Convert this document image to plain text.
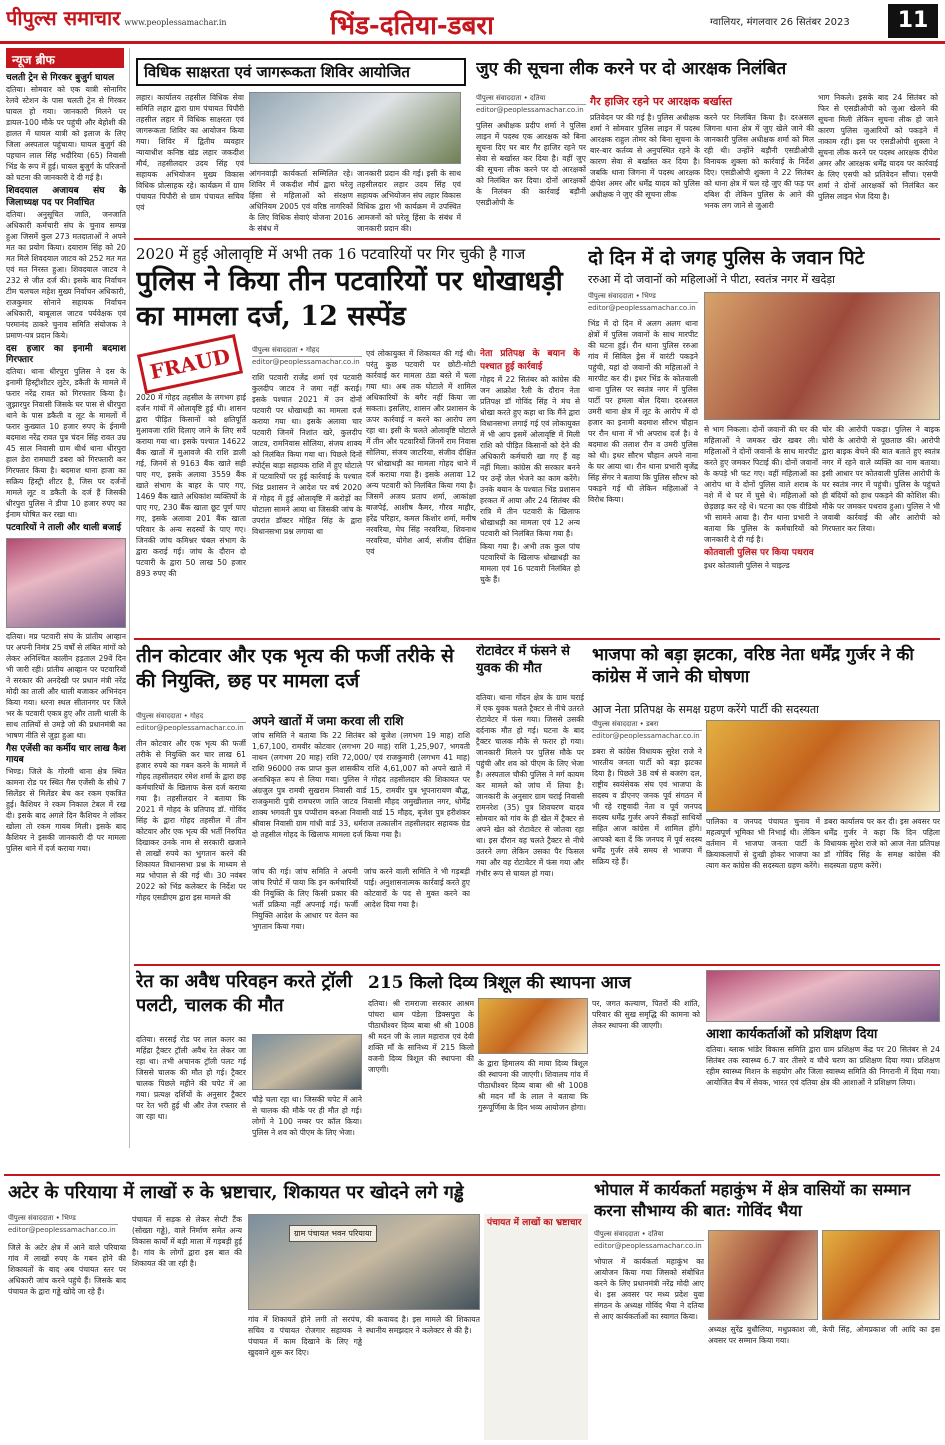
पीपुल्स समाचार www.peoplessamachar.in	भिंड-दतिया-डबरा	ग्वालियर, मंगलवार 26 सितंबर 2023	11
न्यूज ब्रीफ
चलती ट्रेन से गिरकर बुजुर्ग घायल

दतिया। सोमवार को एक यात्री सोनागिर रेलवे स्टेशन के पास चलती ट्रेन से गिरकर घायल हो गया। जानकारी मिलने पर डायल-100 मौके पर पहुंची और बेहोशी की हालत में घायल यात्री को इलाज के लिए जिला अस्पताल पहुंचाया। घायल बुजुर्ग की पहचान लाल सिंह भदौरिया (65) निवासी भिंड के रूप में हुई। घायल बुजुर्ग के परिजनों को घटना की जानकारी दे दी गई है।

शिवदयाल अजायब संघ के जिलाध्यक्ष पद पर निर्वाचित

दतिया। अनुसूचित जाति, जनजाति अधिकारी कर्मचारी संघ के चुनाव सम्पन्न हुआ जिसमें कुल 273 मतदाताओं ने अपने मत का प्रयोग किया। दयाराम सिंह को 20 मत मिले शिवदयाल जाटव को 252 मत मत एवं मत निरस्त हुआ। शिवदयाल जाटव ने 232 से जीत दर्ज की। इसके बाद निर्वाचन टीम चलचल महेश मुख्य निर्वाचन अधिकारी, राजकुमार सोनाने सहायक निर्वाचन अधिकारी, बाबूलाल जाटव पर्यवेक्षक एवं परमानंद ठाकरे चुनाव समिति संयोजक ने प्रमाण-पत्र प्रदान किये।

दस हजार का इनामी बदमाश गिरफ्तार

दतिया। थाना धीरपुरा पुलिस ने दस के इनामी हिस्ट्रीशीटर लुटेर, डकैती के मामले में फरार नरेंद्र रावत को गिरफ्तार किया है। जुझारपुर निवासी जिसके घर पास से धीरपुरा थाने के पास डकैती व लूट के मामलों में फरार कुख्यात 10 हजार रुपए के ईनामी बदमाश नरेंद्र रावत पुत्र चंदन सिंह रावत उम्र 45 साल निवासी ग्राम थीर्थ थाना धीरपुरा हाल डेरा रामघाटी डबरा को गिरफ्तारी कर गिरफ्तार किया है। बदमाश थाना हाजा का सक्रिय हिस्ट्री शीटर है, जिस पर दर्जनों मामले लूट व डकैती के दर्ज हैं जिसकी धीरपुरा पुलिस ने डीपा 10 हजार रुपए का ईनाम घोषित कर रखा था।

पटवारियों ने ताली और थाली बजाई

दतिया। मप्र पटवारी संघ के प्रांतीय आव्हान पर अपनी निमंत्र 25 वर्षों से लंबित मांगों को लेकर अनिश्चित कालीन हड़ताल 29वें दिन भी जारी रही। प्रांतीय आव्हान पर पटवारियों ने सरकार की अनदेखी पर प्रधान मंत्री नरेंद्र मोदी का ताली और थाली बजाकर अभिनंदन किया गया। धरना स्थल सीतानगर पर जिले भर के पटवारी एकत्र हुए और ताली थाली के साथ तालियों से उमड़े जो की प्रधानमंत्री का भाषण नीति से जुड़ा हुआ था।

गैस एजेंसी का कर्मीय चार लाख कैश गायब

भिण्ड। जिले के गोरमी थाना क्षेत्र स्थित कामना रोड पर स्थित गैस एजेंसी के सीधे 7 सिलेंडर से मिलेंडर बेच कर रकम एकत्रित हुई। कैशियर ने रकम निकाल टेबल में रख दी। इसके बाद अगले दिन कैशियर ने लॉकर खोला तो रकम गायब मिली। इसके बाद कैशियर ने इसकी जानकारी दी पर मामला पुलिस थाने में दर्ज कराया गया।

विधिक साक्षरता एवं जागरूकता शिविर आयोजित
लहार। कार्यालय तहसील विधिक सेवा समिति लहार द्वारा ग्राम पंचायत पिपौरी तहसील लहार में विधिक साक्षरता एवं जागरूकता शिविर का आयोजन किया गया। शिविर में द्वितीय व्यवहार न्यायाधीश कनिष्ठ खंड लहार जकदीश मौर्य, तहसीलदार उदय सिंह एवं सहायक अभियोजन मुख्य विकास विधिक प्रोत्साहक रहे। कार्यक्रम में ग्राम पंचायत पिपौरी से ग्राम पंचायत सचिव एवं
आंगनवाड़ी कार्यकर्ता सम्मिलित रहे। शिविर में जकदीश मौर्य द्वारा घरेलू हिंसा से महिलाओं को संरक्षण अधिनियम 2005 एवं वरिष्ठ नागरिकों के लिए विधिक सेवाएं योजना 2016 के संबंध में
जानकारी प्रदान की गई। इसी के साथ तहसीलदार लहार उदय सिंह एवं सहायक अभियोजन संघ लहार विकास विधिक द्वारा भी कार्यक्रम में उपस्थित आमजनों को घरेलू हिंसा के संबंध में जानकारी प्रदान की।
जुए की सूचना लीक करने पर दो आरक्षक निलंबित
पीपुल्स संवाददाता • दतिया
editor@peoplessamachar.co.in
पुलिस अधीक्षक प्रदीप शर्मा ने पुलिस लाइन में पदस्थ एक आरक्षक को बिना सूचना दिए घर बार गैर हाजिर रहने पर सेवा से बर्खास्त कर दिया है। वहीं जुए की सूचना लीक करने पर दो आरक्षकों को निलंबित कर दिया। दोनों आरक्षकों के निलंबन की कार्रवाई बड़ौनी एसडीओपी के
गैर हाजिर रहने पर आरक्षक बर्खास्त
प्रतिवेदन पर की गई है। पुलिस अधीक्षक शर्मा ने सोमवार पुलिस लाइन में पदस्थ आरक्षक राहुल तोमर को बिना सूचना के बार-बार कर्तव्य से अनुपस्थित रहने के कारण सेवा से बर्खास्त कर दिया है। जबकि थाना जिगना में पदस्थ आरक्षक दीपेश अमर और धर्मेंद्र यादव को पुलिस अधीक्षक ने जुए की सूचना लीक
करने पर निलंबित किया है। दरअसल जिगना थाना क्षेत्र में जुए खेले जाने की जानकारी पुलिस अधीक्षक शर्मा को मिल रही थी। उन्होंने बड़ौनी एसडीओपी विनायक शुक्ला को कार्रवाई के निर्देश दिए। एसडीओपी शुक्ला ने 22 सितंबर को थाना क्षेत्र में चल रहे जुए की फड़ पर दबिश दी लेकिन पुलिस के आने की भनक लग जाने से जुआरी
भाग निकले। इसके बाद 24 सितंबर को फिर से एसडीओपी को जुआ खेलने की सूचना मिली लेकिन सूचना लीक हो जाने कारण पुलिस जुआरियों को पकड़ने में नाकाम रही। इस पर एसडीओपी शुक्ला ने सूचना लीक करने पर पदस्थ आरक्षक दीपेश अमर और आरक्षक धर्मेंद्र यादव पर कार्रवाई के लिए एसपी को प्रतिवेदन सौंपा। एसपी शर्मा ने दोनों आरक्षकों को निलंबित कर पुलिस लाइन भेज दिया है।
2020 में हुई ओलावृष्टि में अभी तक 16 पटवारियों पर गिर चुकी है गाज
पुलिस ने किया तीन पटवारियों पर धोखाधड़ी का मामला दर्ज, 12 सस्पेंड
FRAUD	पीपुल्स संवाददाता • गोहद
editor@peoplessamachar.co.in
2020 में गोहद तहसील के लगभग हाई दर्जन गांवों में ओलावृष्टि हुई थी। शासन द्वारा पीड़ित किसानों को क्षतिपूर्ति मुआवजा राशि दिलाए जाने के लिए सर्वे कराया गया था। इसके पश्चात 14622 बैंक खातों में मुआवजे की राशि डाली गई, जिनमें से 9163 बैंक खाते सही पाए गए, इसके अलावा 3559 बैंक खाते संभाग के बाहर के पाए गए, 1469 बैंक खाते अधिकांश व्यक्तियों के पाए गए, 230 बैंक खाता छूट पूर्ण पाए गए, इसके अलावा 201 बैंक खाता परिवार के अन्य सदस्यों के पाए गए। जिनकी जांच कमिश्नर चंबल संभाग के द्वारा कराई गई। जांच के दौरान दो पटवारी के द्वारा 50 लाख 50 हजार 893 रुपए की
राशि पटवारी राजेंद्र शर्मा एवं पटवारी कुलदीप जाटव ने जमा नहीं कराई। इसके पश्चात 2021 में उन दोनों पटवारी पर धोखाधड़ी का मामला दर्ज कराया गया था। इसके अलावा चार पटवारी जिनमें निशांत खरे, कुलदीप जाटव, रामनिवास सोलिया, संजय शाक्य को निलंबित किया गया था। पिछले दिनों स्पोर्ट्स बाड़ा सहायक राशि में हुए घोटाले में पटवारियों पर हुई कार्रवाई के पश्चात भिंड प्रशासन ने आदेश पर वर्ष 2020 में गोहद में हुई ओलावृष्टि में करोड़ों का घोटाला सामने आया था जिसकी जांच के उपरांत डॉक्टर मोहित सिंह के द्वारा विधानसभा प्रश्न लगाया था
एवं लोकायुक्त में शिकायत की गई थी। परंतु कुछ पटवारी पर छोटी-मोटी कार्रवाई कर मामला ठंडा बस्ते में चला गया था। अब तक घोटाले में शामिल अधिकारियों के बगैर नहीं किया जा सकता। इसलिए, शासन और प्रशासन के ऊपर कार्रवाई न करने का आरोप लग रहा था। इसी के चलते ओलावृष्टि घोटाले में तीन और पटवारियों जिनमें राम निवास सोलिया, संजय जाटरिया, संजीव दीक्षित पर धोखाधड़ी का मामला गोहद थाने में दर्ज कराया गया है। इसके अलावा 12 अन्य पटवारी को निलंबित किया गया है। जिसमें अजय प्रताप शर्मा, आकांक्षा बाजपेई, आशीष कैमर, गौरव माहौर, हरेंद्र परिहार, कमल किशोर शर्मा, मनीष नरवरिया, मेघ सिंह नरवरिया, शिवनाथ नरवरिया, योगेश आर्य, संजीव दीक्षित एवं
नेता प्रतिपक्ष के बयान के पश्चात हुई कार्रवाई

गोहद में 22 सितंबर को कांग्रेस की जन आक्रोश रैली के दौरान नेता प्रतिपक्ष डॉ गोविंद सिंह ने मंच से धोखा करते हुए कहा था कि मैंने द्वारा विधानसभा लगाई गई एवं लोकायुक्त में भी आप इसमें ओलावृष्टि में मिली राशि को पीड़ित किसानों को देने की अधिकारी कर्मचारी खा गए हैं वह नहीं मिला। कांग्रेस की सरकार बनने पर उन्हें जेल भेजने का काम करेंगे। उनके बयान के पश्चात भिंड प्रशासन हरकत में आया और 24 सितंबर की रात्रि में तीन पटवारी के खिलाफ धोखाधड़ी का मामला एवं 12 अन्य पटवारी को निलंबित किया गया है।

किया गया है। अभी तक कुल पांच पटवारियों के खिलाफ धोखाधड़ी का मामला एवं 16 पटवारी निलंबित हो चुके हैं।

दो दिन में दो जगह पुलिस के जवान पिटे
ररुआ में दो जवानों को महिलाओं ने पीटा, स्वतंत्र नगर में खदेड़ा
पीपुल्स संवाददाता • भिण्ड
editor@peoplessamachar.co.in
भिंड में दो दिन में अलग अलग थाना क्षेत्रों में पुलिस जवानों के साथ मारपीट की घटना हुई। रौन थाना पुलिस ररुआ गांव में सिविल ड्रेस में वारंटी पकड़ने पहुंची, यहां दो जवानों की महिलाओं ने मारपीट कर दी। इधर भिंड के कोतवाली थाना पुलिस पर स्वतंत्र नगर में पुलिस पार्टी पर हमला बोल दिया। दरअसल उमरी थाना क्षेत्र में लूट के आरोप में दो हजार का इनामी बदमाश सौरभ चौहान पर रौन थाना में भी अपराध दर्ज है। वे बदमाश की तलाश रौन व उमरी पुलिस को थी। इधर सौरभ चौहान अपने नाना के घर आया था। रौन थाना प्रभारी बृजेंद्र सिंह सेंगर ने बताया कि पुलिस सौरभ को पकड़ने गई थी लेकिन महिलाओं ने विरोध किया।

से भाग निकला। दोनों जवानों की घर की महिलाओं ने जमकर खेर खबर ली। महिलाओं ने दोनों जवानों के साथ मारपीट करते हुए जमकर पिटाई की। दोनों जवानों के कपड़े भी फट गए। वहीं महिलाओं का आरोप था वे दोनों पुलिस वाले शराब के नशे में थे घर में घुसे थे। महिलाओं को छेड़छाड़ कर रहे थे। घटना का एक वीडियो भी सामने आया है। रौन थाना प्रभारी ने बताया कि पुलिस के कर्मचारियों को जानकारी दे दी गई है।

कोतवाली पुलिस पर किया पथराव

इधर कोतवाली पुलिस ने चाइल्ड

चोर की आरोपी पकड़ा। पुलिस ने बाइक चोरी के आरोपी से पूछताछ की। आरोपी द्वारा बाइक बेचने की बात बताते हुए स्वतंत्र नगर में रहने वाले व्यक्ति का नाम बताया। इसी आधार पर कोतवाली पुलिस आरोपी के घर स्वतंत्र नगर में पहुंची। पुलिस के पहुंचते ही बंदियों को हाथ पकड़ने की कोशिश की। मौके पर जमकर पथराव हुआ। पुलिस ने भी जवाबी कार्रवाई की और आरोपी को गिरफ्तार कर लिया।
तीन कोटवार और एक भृत्य की फर्जी तरीके से की नियुक्ति, छह पर मामला दर्ज
पीपुल्स संवाददाता • गोहद
editor@peoplessamachar.co.in अपने खातों में जमा करवा ली राशि
जांच समिति ने बताया कि 22 सितंबर को बुजेश (लगभग 19 माह) राशि 1,67,100, रामवीर कोटवार (लगभग 20 माह) राशि 1,25,907, भगवती नाथन (लगभग 20 माह) राशि 72,000/ एवं राजकुमारी (लगभग 41 माह) राशि 96000 तक प्राप्त कुल शासकीय राशि 4,61,007 को अपने खाते में अनाधिकृत रूप से लिया गया। पुलिस ने गोहद तहसीलदार की शिकायत पर अंग्रजुल पुत्र रामवी सुखराम निवासी वार्ड 15, रामवीर पुत्र भूपनारायण बौद्ध, राजकुमारी पुत्री रामचरण जाति जाटव निवासी मौहद जमुखीलाल नगर, धोर्मेंद्र शाक्य भगवती पुत्र पप्पीराम बरुआ निवासी वार्ड 15 मौहद, बृजेश पुत्र हरीशंकर श्रीवास निवासी ग्राम गांधी वार्ड 33, धर्मराज तत्कालीन तहसीलदार सहायक ग्रेड दो तहसील गोहद के खिलाफ मामला दर्ज किया गया है।
तीन कोटवार और एक भृत्य की फर्जी तरीके से नियुक्ति कर चार लाख 61 हजार रुपये का गबन करने के मामले में गोहद तहसीलदार रमेश शर्मा के द्वारा छह कर्मचारियों के खिलाफ केस दर्ज कराया गया है। तहसीलदार ने बताया कि 2021 में गोहद के प्रतिपाद डॉ. गोविंद सिंह के द्वारा गोहद तहसील में तीन कोटवार और एक भृत्य की भर्ती निरुपित दिखाकर उनके नाम से सरकारी खजाने से लाखों रुपये का भुगतान करने की शिकायत विधानसभा प्रश्न के माध्यम से मप्र भोपाल से की गई थी। 30 नवंबर 2022 को भिंड कलेक्टर के निर्देश पर गोहद एसडीएम द्वारा इस मामले की
जांच की गई। जांच समिति ने अपनी जांच रिपोर्ट में पाया कि इन कर्मचारियों की नियुक्ति के लिए किसी प्रकार की भर्ती प्रक्रिया नहीं अपनाई गई। फर्जी नियुक्ति आदेश के आधार पर वेतन का भुगतान किया गया।
जांच करने वाली समिति ने भी गड़बड़ी पाई। अनुशासनात्मक कार्रवाई करते हुए कोटवारों के पद से मुक्त करने का आदेश दिया गया है।
रोटावेटर में फंसने से युवक की मौत
दतिया। थाना गोंदन क्षेत्र के ग्राम चराई में एक युवक चलते ट्रैक्टर से नीचे उतरते रोटावेटर में फंस गया। जिससे उसकी दर्दनाक मौत हो गई। घटना के बाद ट्रैक्टर चालक मौके से फरार हो गया। जानकारी मिलने पर पुलिस मौके पर पहुंची और शव को पीएम के लिए भेजा है। अस्पताल चौकी पुलिस ने मर्ग कायम कर मामले को जांच में लिया है। जानकारी के अनुसार ग्राम चराई निवासी रामनरेश (35) पुत्र शिवचरण यादव सोमवार को गांव के ही खेत में ट्रैक्टर से अपने खेत को रोटावेटर से जोतवा रहा था। इस दौरान वह चलते ट्रैक्टर से नीचे उतरने लगा लेकिन उसका पैर फिसल गया और वह रोटावेटर में फंस गया और गंभीर रूप से घायल हो गया।
भाजपा को बड़ा झटका, वरिष्ठ नेता धर्मेंद्र गुर्जर ने की कांग्रेस में जाने की घोषणा
आज नेता प्रतिपक्ष के समक्ष ग्रहण करेंगे पार्टी की सदस्यता
पीपुल्स संवाददाता • डबरा
editor@peoplessamachar.co.in
डबरा से कांग्रेस विधायक सुरेश राजे ने भारतीय जनता पार्टी को बड़ा झटका दिया है। पिछले 38 वर्ष से बजरंग दल, राष्ट्रीय स्वयंसेवक संघ एवं भाजपा के सदस्य व डीएनए जनक पूर्व संगठन में भी रहे राष्ट्रवादी नेता व पूर्व जनपद सदस्य धर्मेंद्र गुर्जर अपने सैकड़ों साथियों सहित आज कांग्रेस में शामिल होंगे। आपको बता दें कि जनपद में पूर्व सदस्य धर्मेंद्र गुर्जर लंबे समय से भाजपा में सक्रिय रहे हैं।
पालिका व जनपद पंचायत चुनाव में महत्वपूर्ण भूमिका भी निभाई थी। लेकिन वर्तमान में भाजपा जनता पार्टी के क्रियाकलापों से दुःखी होकर भाजपा का त्याग कर कांग्रेस की सदस्यता ग्रहण करेंगे।
डबरा कार्यालय पर कर दी। इस अवसर पर धर्मेंद्र गुर्जर ने कहा कि दिन पहिला विधायक सुरेश राजे को आज नेता प्रतिपक्ष डॉ गोविंद सिंह के समक्ष कांग्रेस की सदस्यता ग्रहण करेंगे।
रेत का अवैध परिवहन करते ट्रॉली पलटी, चालक की मौत
दतिया। सरसई रोड पर लाल कलर का महिंद्रा ट्रैक्टर ट्रॉली अवैध रेत लेकर जा रहा था। तभी अचानक ट्रॉली पलट गई जिससे चालक की मौत हो गई। ट्रैक्टर चालक पिछले महीने की चपेट में आ गया। प्रत्यक्ष दर्शियों के अनुसार ट्रैक्टर पर रेत भरी हुई थी और तेज रफ्तार से जा रहा था।
चौड़े चला रहा था। जिसकी चपेट में आने से चालक की मौके पर ही मौत हो गई। लोगों ने 100 नम्बर पर कॉल किया। पुलिस ने शव को पीएम के लिए भेजा।
215 किलो दिव्य त्रिशूल की स्थापना आज
दतिया। श्री रामराजा सरकार आश्रम पांचरा धाम पंडेला डिक्सपुरा के पीठाधीश्वर दिव्य बाबा श्री श्री 1008 श्री मदन जी के लाल महाराज एवं देवी शक्ति माँ के सानिध्य में 215 किलो वजनी दिव्य त्रिशूल की स्थापना की जाएगी।
के द्वारा हिमालय की माया दिव्य त्रिशूल की स्थापना की जाएगी। शिवालय गांव में पीठाधीश्वर दिव्य बाबा श्री श्री 1008 श्री मदन माँ के लाल ने बताया कि गुरूपूर्णिमा के दिन भव्य आयोजन होगा।
पर, जगत कल्याण, पितरों की शांति, परिवार की सुख समृद्धि की कामना को लेकर स्थापना की जाएगी।
आशा कार्यकर्ताओं को प्रशिक्षण दिया
दतिया। ब्लाक भांडेर विकास समिति द्वारा ग्राम प्रशिक्षण केंद्र पर 20 सितंबर से 24 सितंबर तक स्वास्थ्य 6.7 वार तीसरे व चौथे चरण का प्रशिक्षण दिया गया। प्रशिक्षण रहीम स्वास्थ्य मिशन के सहयोग और जिला स्वास्थ्य समिति की निगरानी में दिया गया। आयोजित बैच में सेवक, भारत एवं दतिया क्षेत्र की आशाओं ने प्रशिक्षण लिया।
अटेर के परियाया में लाखों रु के भ्रष्टाचार, शिकायत पर खोदने लगे गड्ढे
पीपुल्स संवाददाता • भिण्ड
editor@peoplessamachar.co.in
जिले के अटेर क्षेत्र में आने वाले परियाया गांव में लाखों रुपए के गबन होने की शिकायतों के बाद अब पंचायत स्तर पर अधिकारी जांच करने पहुंचे हैं। जिसके बाद पंचायत के द्वारा गड्ढे खोदे जा रहे हैं।
पंचायत में सड़क से लेकर सेप्टी टैंक (सोख्ता गड्ढे), वाले निर्माण समेत अन्य विकास कार्यों में बड़ी माला में गड़बड़ी हुई है। गांव के लोगों द्वारा इस बात की शिकायत की जा रही है।
ग्राम पंचायत भवन परियाया
गांव में शिकायतें होने लगी तो सरपंच, सचिव व पंचायत रोजगार सहायक ने पंचायत में काम दिखाने के लिए गड्ढे खुदवाने शुरू कर दिए।
की कवायद है। इस मामले की शिकायत स्थानीय समझदार ने कलेक्टर से की है।
पंचायत में लाखों का भ्रष्टाचार
भोपाल में कार्यकर्ता महाकुंभ में क्षेत्र वासियों का सम्मान करना सौभाग्य की बात: गोविंद भैया
पीपुल्स संवाददाता • दतिया
editor@peoplessamachar.co.in
भोपाल में कार्यकर्ता महाकुंभ का आयोजन किया गया जिसको संबोधित करने के लिए प्रधानमंत्री नरेंद्र मोदी आए थे। इस अवसर पर मध्य प्रदेश युवा संगठन के अध्यक्ष गोविंद भैया ने दतिया से आए कार्यकर्ताओं का स्वागत किया।
अध्यक्ष सुरेंद्र बुधौलिया, मधुप्रकाश जी, केपी सिंह, ओमप्रकाश जी आदि का इस अवसर पर सम्मान किया गया।
